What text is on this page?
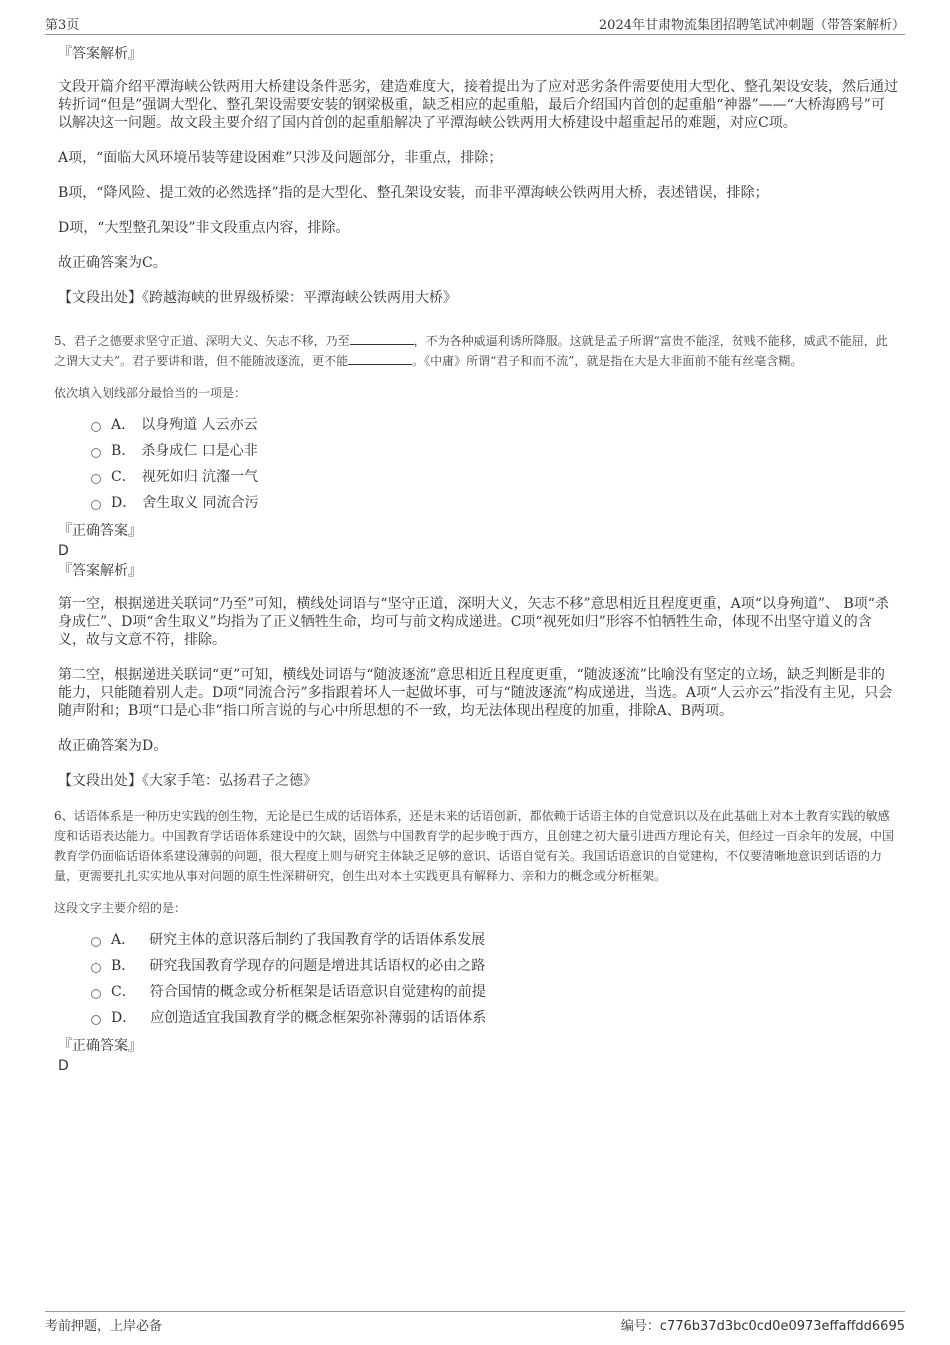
第3页	2024年甘肃物流集团招聘笔试冲刺题（带答案解析）

『答案解析』

文段开篇介绍平潭海峡公铁两用大桥建设条件恶劣，建造难度大，接着提出为了应对恶劣条件需要使用大型化、整孔架设安装，然后通过转折词“但是”强调大型化、整孔架设需要安装的钢梁极重，缺乏相应的起重船，最后介绍国内首创的起重船“神器”——“大桥海鸥号”可以解决这一问题。故文段主要介绍了国内首创的起重船解决了平潭海峡公铁两用大桥建设中超重起吊的难题，对应C项。

A项，“面临大风环境吊装等建设困难”只涉及问题部分，非重点，排除；

B项，“降风险、提工效的必然选择”指的是大型化、整孔架设安装，而非平潭海峡公铁两用大桥，表述错误，排除；

D项，“大型整孔架设”非文段重点内容，排除。

故正确答案为C。

【文段出处】《跨越海峡的世界级桥梁：平潭海峡公铁两用大桥》

5、君子之德要求坚守正道、深明大义、矢志不移，乃至	，不为各种威逼利诱所降服。这就是孟子所谓“富贵不能淫，贫贱不能移，威武不能屈，此之谓大丈夫”。君子要讲和谐，但不能随波逐流，更不能	。《中庸》所谓“君子和而不流”，就是指在大是大非面前不能有丝毫含糊。

依次填入划线部分最恰当的一项是：

A． 以身殉道 人云亦云
B． 杀身成仁 口是心非
C． 视死如归 沆瀣一气
D． 舍生取义 同流合污

『正确答案』

D

『答案解析』

第一空，根据递进关联词“乃至”可知，横线处词语与“坚守正道，深明大义，矢志不移”意思相近且程度更重，A项“以身殉道”、 B项“杀身成仁”、D项“舍生取义”均指为了正义牺牲生命，均可与前文构成递进。C项“视死如归”形容不怕牺牲生命，体现不出坚守道义的含义，故与文意不符，排除。

第二空，根据递进关联词“更”可知，横线处词语与“随波逐流”意思相近且程度更重，“随波逐流”比喻没有坚定的立场，缺乏判断是非的能力，只能随着别人走。D项“同流合污”多指跟着坏人一起做坏事，可与“随波逐流”构成递进，当选。A项“人云亦云”指没有主见，只会随声附和；B项“口是心非”指口所言说的与心中所思想的不一致，均无法体现出程度的加重，排除A、B两项。

故正确答案为D。

【文段出处】《大家手笔：弘扬君子之德》

6、话语体系是一种历史实践的创生物，无论是已生成的话语体系，还是未来的话语创新，都依赖于话语主体的自觉意识以及在此基础上对本土教育实践的敏感度和话语表达能力。中国教育学话语体系建设中的欠缺，固然与中国教育学的起步晚于西方，且创建之初大量引进西方理论有关，但经过一百余年的发展，中国教育学仍面临话语体系建设薄弱的问题，很大程度上则与研究主体缺乏足够的意识、话语自觉有关。我国话语意识的自觉建构，不仅要清晰地意识到话语的力量，更需要扎扎实实地从事对问题的原生性深耕研究，创生出对本土实践更具有解释力、亲和力的概念或分析框架。

这段文字主要介绍的是：

A． 研究主体的意识落后制约了我国教育学的话语体系发展
B． 研究我国教育学现存的问题是增进其话语权的必由之路
C． 符合国情的概念或分析框架是话语意识自觉建构的前提
D． 应创造适宜我国教育学的概念框架弥补薄弱的话语体系

『正确答案』

D

考前押题，上岸必备	编号：c776b37d3bc0cd0e0973effaffdd6695
